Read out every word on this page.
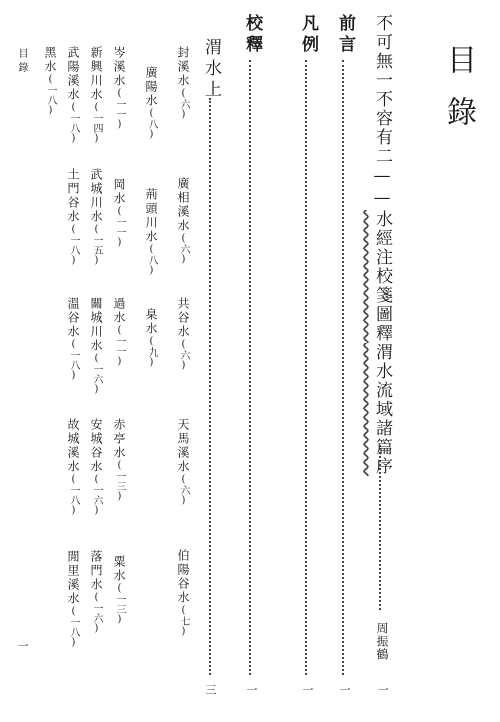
目錄
不可無一不容有二——水經注校箋圖釋渭水流域諸篇序
周振鶴
一
前言
一
凡例
一
校釋
一
渭水上
三
封溪水(六)
廣相溪水(六)
共谷水(六)
天馬溪水(六)
伯陽谷水(七)
廣陽水(八)
荊頭川水(八)
臬水(九)
岑溪水(一一)
岡水(一一)
過水(一一)
赤亭水(一三)
粟水(一三)
新興川水(一四)
武城川水(一五)
關城川水(一六)
安城谷水(一六)
落門水(一六)
武陽溪水(一八)
土門谷水(一八)
溫谷水(一八)
故城溪水(一八)
閒里溪水(一八)
黑水(一八)
目錄
一
